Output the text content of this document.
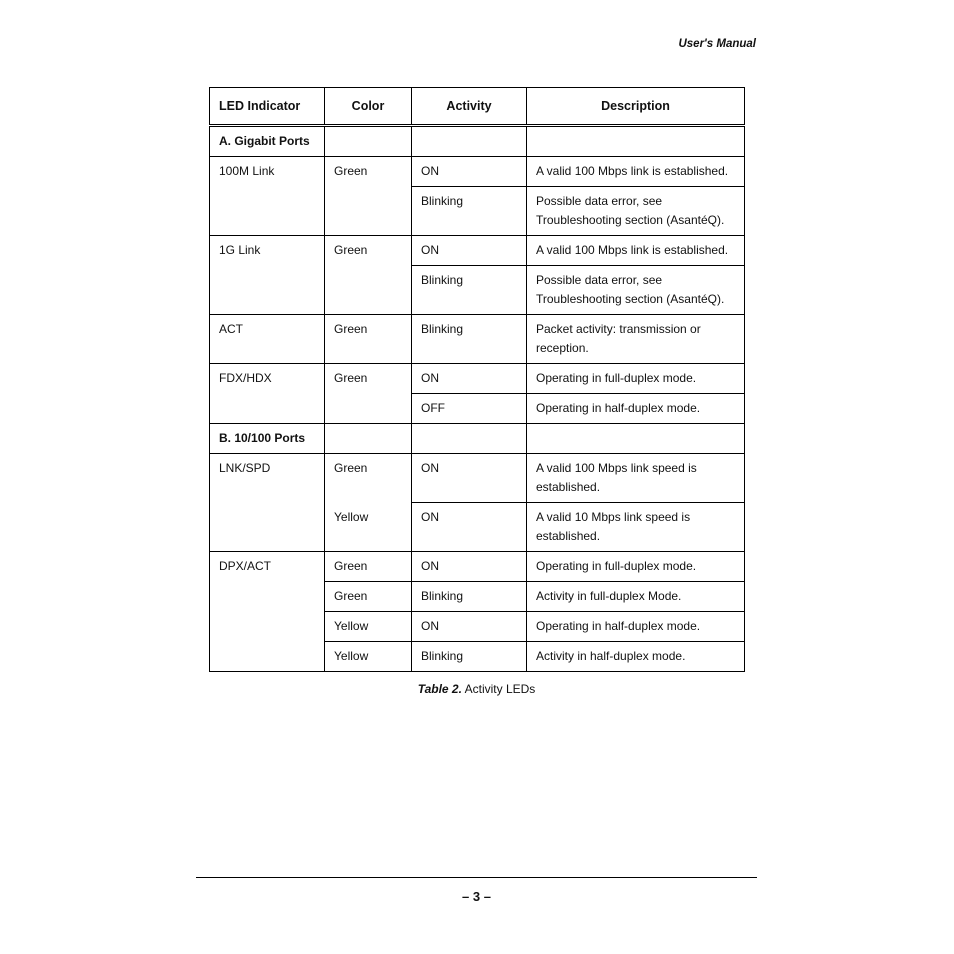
User's Manual
LED Indicator	Color	Activity	Description
A. Gigabit Ports			
100M Link	Green	ON	A valid 100 Mbps link is established.
		Blinking	Possible data error, see Troubleshooting section (AsantéQ).
1G Link	Green	ON	A valid 100 Mbps link is established.
		Blinking	Possible data error, see Troubleshooting section (AsantéQ).
ACT	Green	Blinking	Packet activity: transmission or reception.
FDX/HDX	Green	ON	Operating in full-duplex mode.
		OFF	Operating in half-duplex mode.
B. 10/100 Ports			
LNK/SPD	Green	ON	A valid 100 Mbps link speed is established.
	Yellow	ON	A valid 10 Mbps link speed is established.
DPX/ACT	Green	ON	Operating in full-duplex mode.
	Green	Blinking	Activity in full-duplex Mode.
	Yellow	ON	Operating in half-duplex mode.
	Yellow	Blinking	Activity in half-duplex mode.
Table 2. Activity LEDs
– 3 –
